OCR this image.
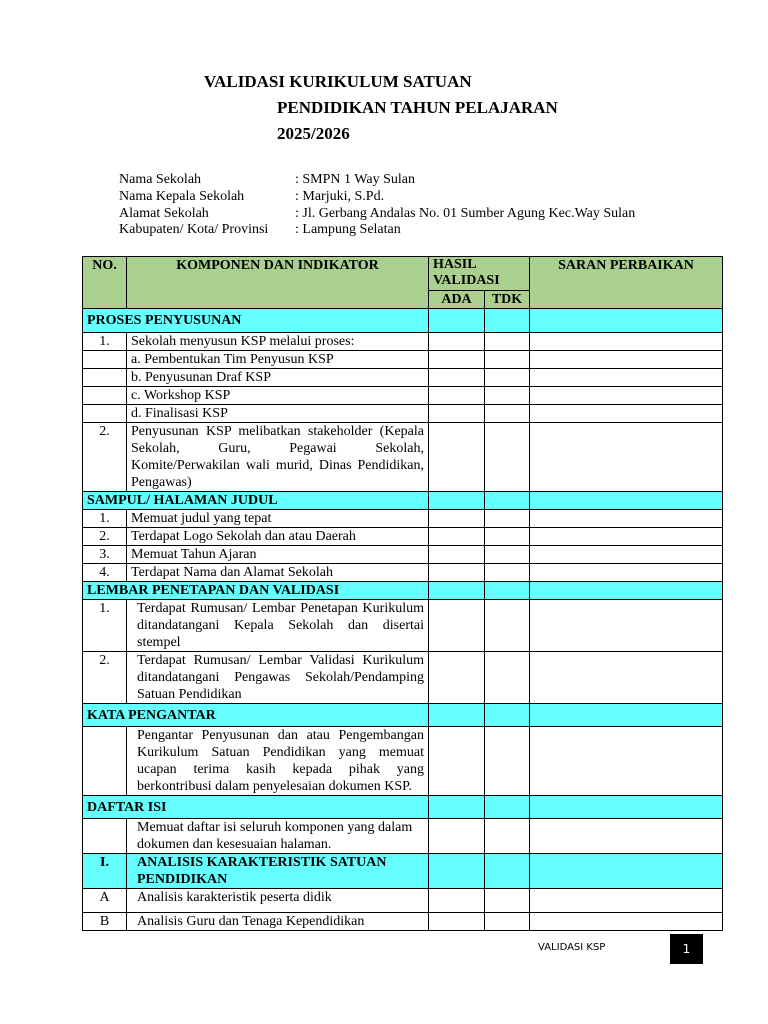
VALIDASI KURIKULUM SATUAN
PENDIDIKAN TAHUN PELAJARAN
2025/2026
Nama Sekolah	: SMPN 1 Way Sulan
Nama Kepala Sekolah	: Marjuki, S.Pd.
Alamat Sekolah	: Jl. Gerbang Andalas No. 01 Sumber Agung Kec.Way Sulan
Kabupaten/ Kota/ Provinsi	: Lampung Selatan
NO.	KOMPONEN DAN INDIKATOR	HASIL VALIDASI		SARAN PERBAIKAN
		ADA	TDK	
PROSES PENYUSUNAN				
1.	Sekolah menyusun KSP melalui proses:			
	a. Pembentukan Tim Penyusun KSP			
	b. Penyusunan Draf KSP			
	c. Workshop KSP			
	d. Finalisasi KSP			
2.	Penyusunan KSP melibatkan stakeholder (Kepala Sekolah, Guru, Pegawai Sekolah, Komite/Perwakilan wali murid, Dinas Pendidikan, Pengawas)			
SAMPUL/ HALAMAN JUDUL				
1.	Memuat judul yang tepat			
2.	Terdapat Logo Sekolah dan atau Daerah			
3.	Memuat Tahun Ajaran			
4.	Terdapat Nama dan Alamat Sekolah			
LEMBAR PENETAPAN DAN VALIDASI				
1.	Terdapat Rumusan/ Lembar Penetapan Kurikulum ditandatangani Kepala Sekolah dan disertai stempel			
2.	Terdapat Rumusan/ Lembar Validasi Kurikulum ditandatangani Pengawas Sekolah/Pendamping Satuan Pendidikan			
KATA PENGANTAR				
	Pengantar Penyusunan dan atau Pengembangan Kurikulum Satuan Pendidikan yang memuat ucapan terima kasih kepada pihak yang berkontribusi dalam penyelesaian dokumen KSP.			
DAFTAR ISI				
	Memuat daftar isi seluruh komponen yang dalam dokumen dan kesesuaian halaman.			
I.	ANALISIS KARAKTERISTIK SATUAN PENDIDIKAN			
A	Analisis karakteristik peserta didik			
B	Analisis Guru dan Tenaga Kependidikan			
VALIDASI KSP	1
